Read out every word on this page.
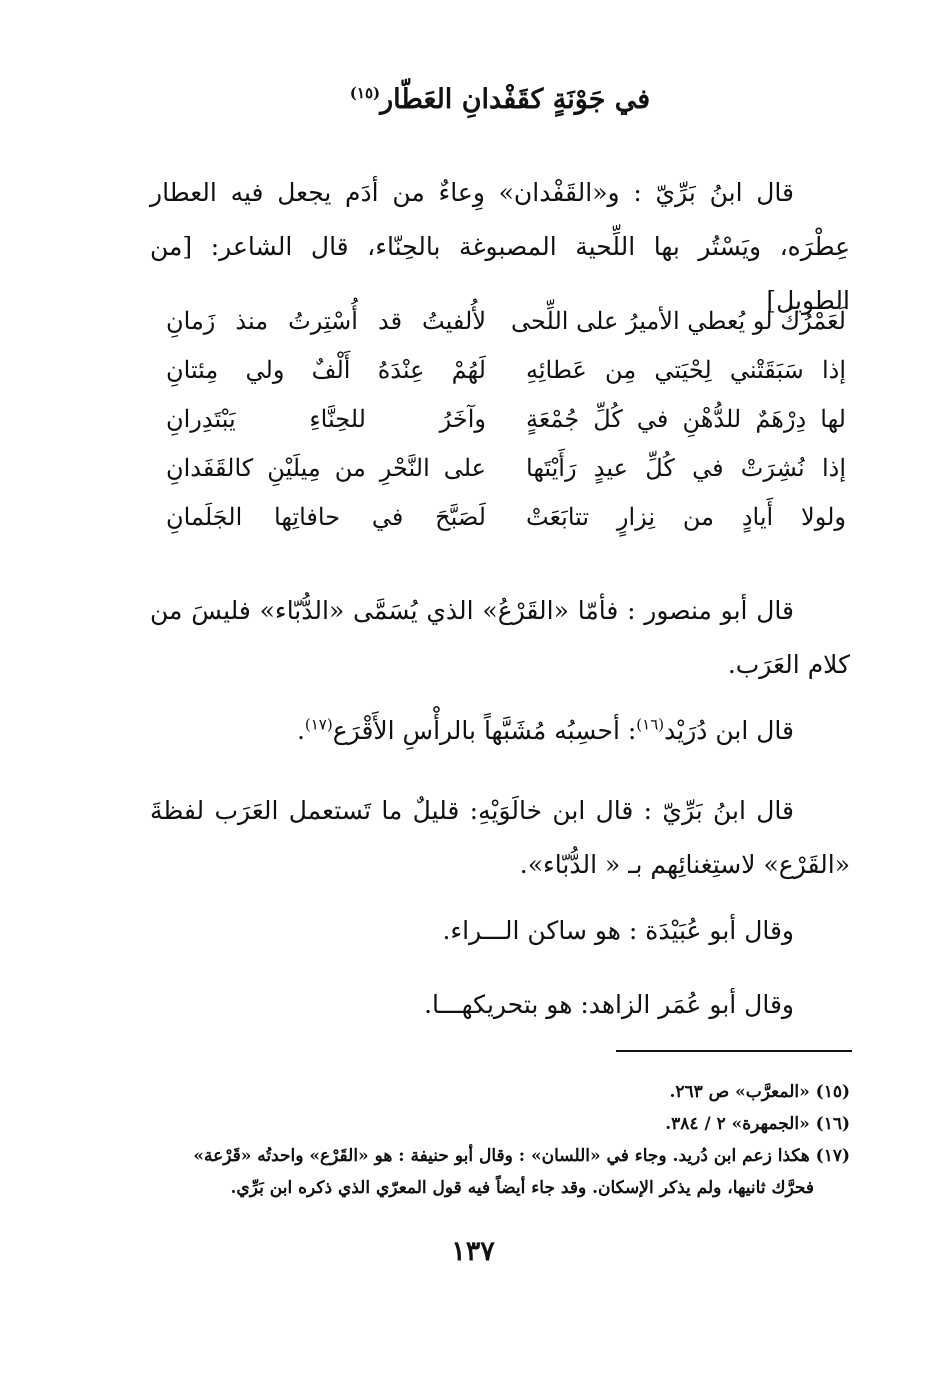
في جَوْنَةٍ كقَفْدانِ العَطّار$^{(١٥)}$
قال ابنُ بَرِّيّ : و«القَفْدان» وِعاءٌ من أدَم يجعل فيه العطار عِطْرَه، ويَسْتُر بها اللِّحية المصبوغة بالحِنّاء، قال الشاعر: [من الطويل]
لَعَمْرُكَ لو يُعطي الأميرُ على اللِّحى
لأُلفيتُ قد أُسْتِرتُ منذ زَمانِ
إذا سَبَقَتْني لِحْيَتي مِن عَطائِهِ
لَهُمْ عِنْدَهُ أَلْفٌ ولي مِئتانِ
لها دِرْهَمٌ للدُّهْنِ في كُلِّ جُمْعَةٍ
وآخَرُ للحِنَّاءِ يَبْتَدِرانِ
إذا نُشِرَتْ في كُلِّ عيدٍ رَأَيْتَها
على النَّحْرِ من مِيلَيْنِ كالقَفَدانِ
ولولا أَيادٍ من نِزارٍ تتابَعَتْ
لَصَبَّحَ في حافاتِها الجَلَمانِ
قال أبو منصور : فأمّا «القَرْعُ» الذي يُسَمَّى «الدُّبّاء» فليسَ من كلام العَرَب.
قال ابن دُرَيْد$^{(١٦)}$: أحسِبُه مُشَبَّهاً بالرأْسِ الأَقْرَع$^{(١٧)}$.
قال ابنُ بَرِّيّ : قال ابن خالَوَيْهِ: قليلٌ ما تَستعمل العَرَب لفظةَ «القَرْع» لاستِغنائِهم بـ « الدُّبّاء».
وقال أبو عُبَيْدَة : هو ساكن الـــراء.
وقال أبو عُمَر الزاهد: هو بتحريكهـــا.

(١٥) «المعرَّب» ص ٢٦٣.

(١٦) «الجمهرة» ٢ / ٣٨٤.

(١٧) هكذا زعم ابن دُريد. وجاء في «اللسان» : وقال أبو حنيفة : هو «القَرْع» واحدتُه «قَرْعة»

فحرَّك ثانيها، ولم يذكر الإسكان. وقد جاء أيضاً فيه قول المعرّي الذي ذكره ابن بَرِّي.

١٣٧
